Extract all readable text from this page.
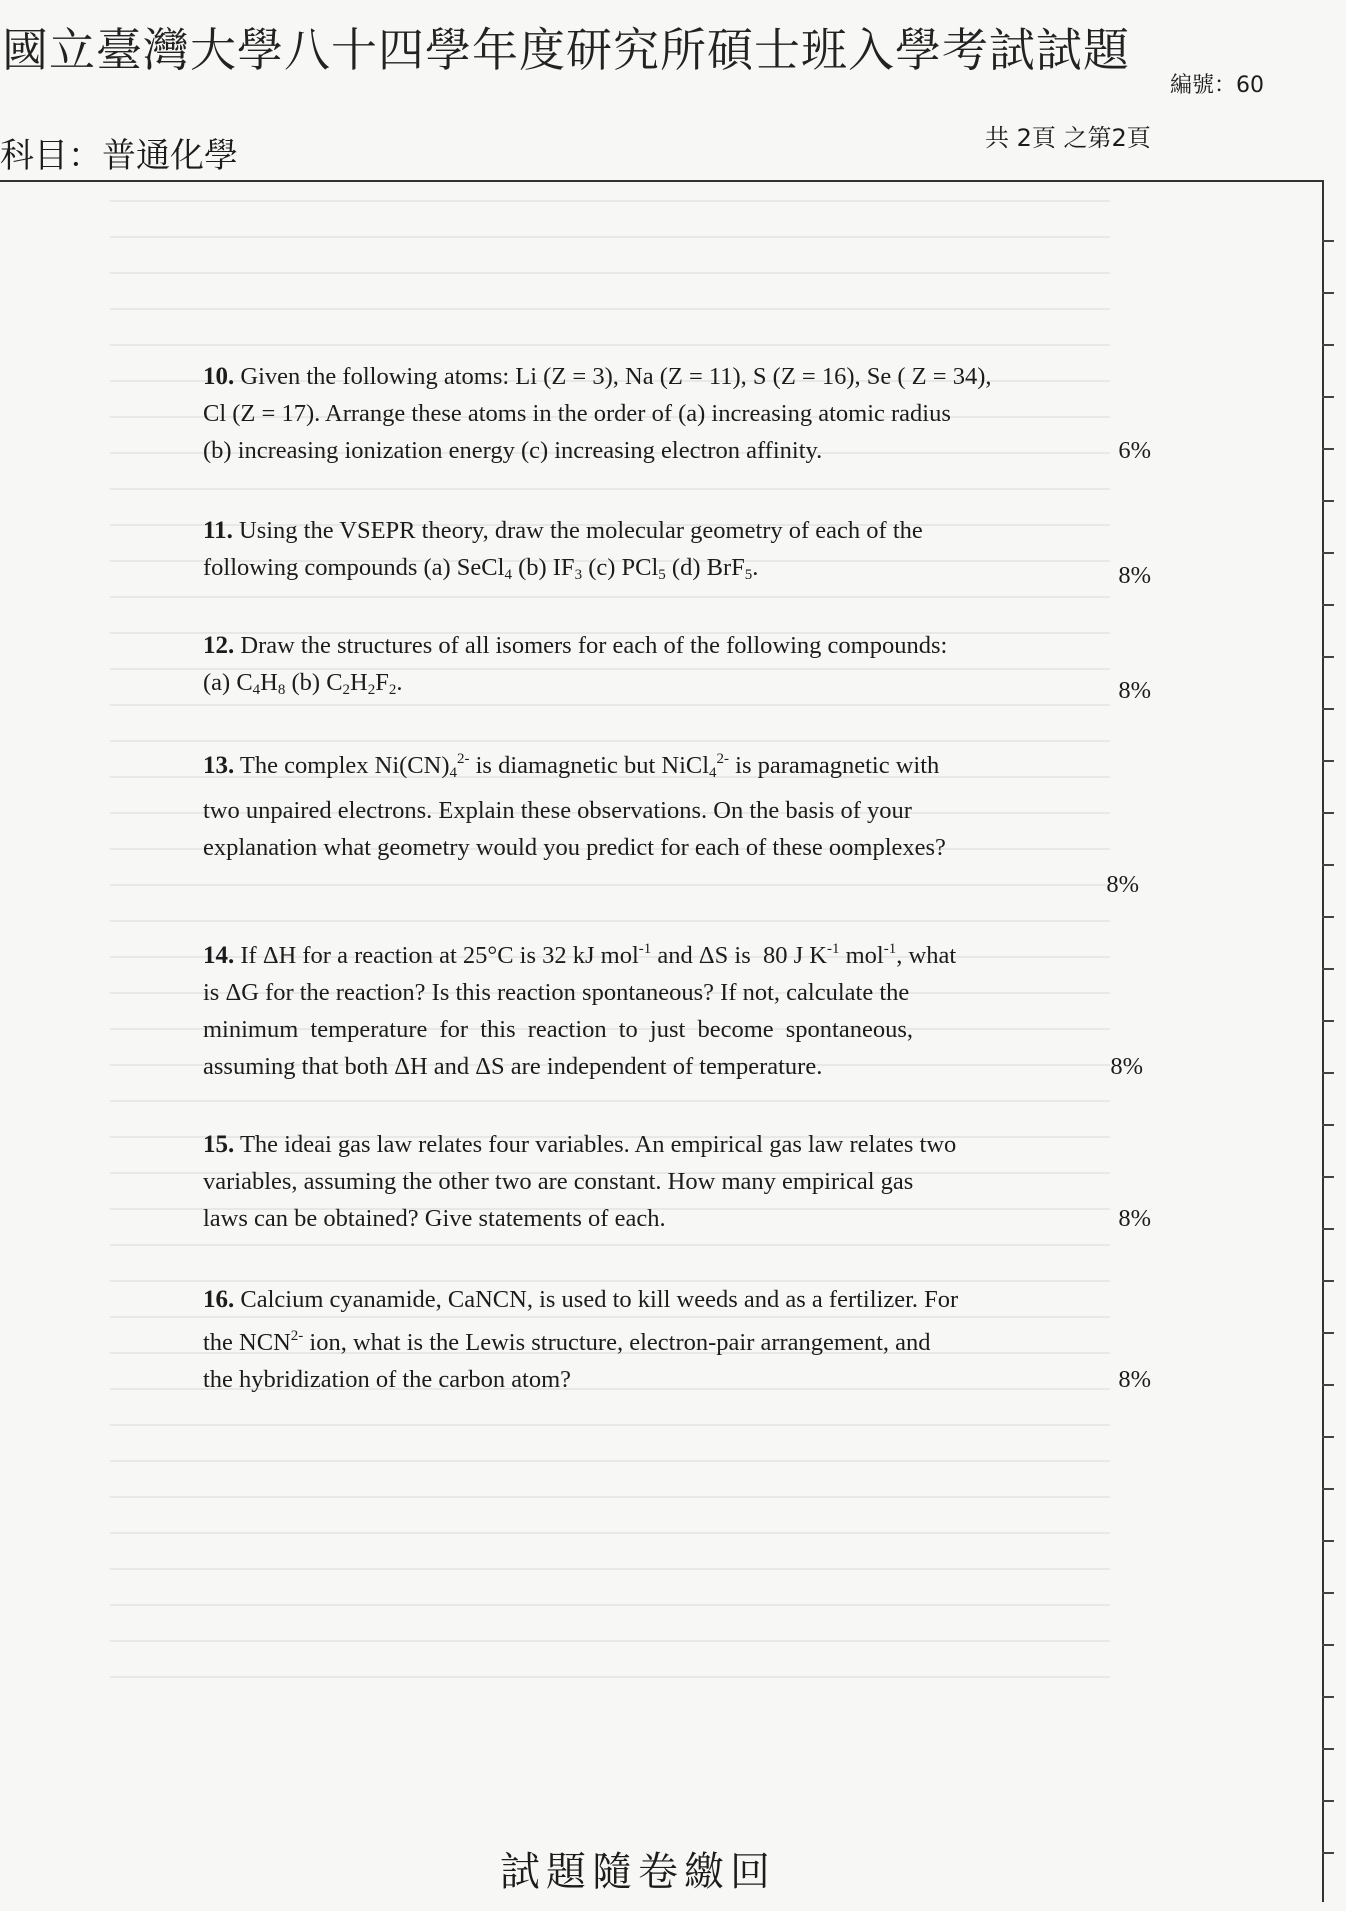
國立臺灣大學八十四學年度研究所碩士班入學考試試題
編號：60
科目：普通化學	共 2頁 之第2頁

10. Given the following atoms: Li (Z = 3), Na (Z = 11), S (Z = 16), Se ( Z = 34),

Cl (Z = 17). Arrange these atoms in the order of (a) increasing atomic radius

(b) increasing ionization energy (c) increasing electron affinity.	6%

11. Using the VSEPR theory, draw the molecular geometry of each of the

following compounds (a) SeCl$_4$ (b) $IF_3$ (c) PCl$_5$ (d) BrF$_5$.	8%

12. Draw the structures of all isomers for each of the following compounds:

(a) $C_4H_8$ (b) $C_2H_2F_2$.	8%

13. The complex $Ni(CN)_4^{2-}$ is diamagnetic but NiCl$_4^{2-}$ is paramagnetic with

two unpaired electrons. Explain these observations. On the basis of your

explanation what geometry would you predict for each of these oomplexes?

8%

14. If ΔH for a reaction at 25°C is 32 kJ mol$^{-1}$ and ΔS is  80 J $K^{-1}$ mol$^{-1}$, what

is ΔG for the reaction? Is this reaction spontaneous? If not, calculate the

minimum temperature for this reaction to just become spontaneous,

assuming that both ΔH and ΔS are independent of temperature.	8%

15. The ideai gas law relates four variables. An empirical gas law relates two

variables, assuming the other two are constant. How many empirical gas

laws can be obtained? Give statements of each.	8%

16. Calcium cyanamide, CaNCN, is used to kill weeds and as a fertilizer. For

the $NCN^{2-}$ ion, what is the Lewis structure, electron-pair arrangement, and

the hybridization of the carbon atom?	8%
試題隨卷繳回
